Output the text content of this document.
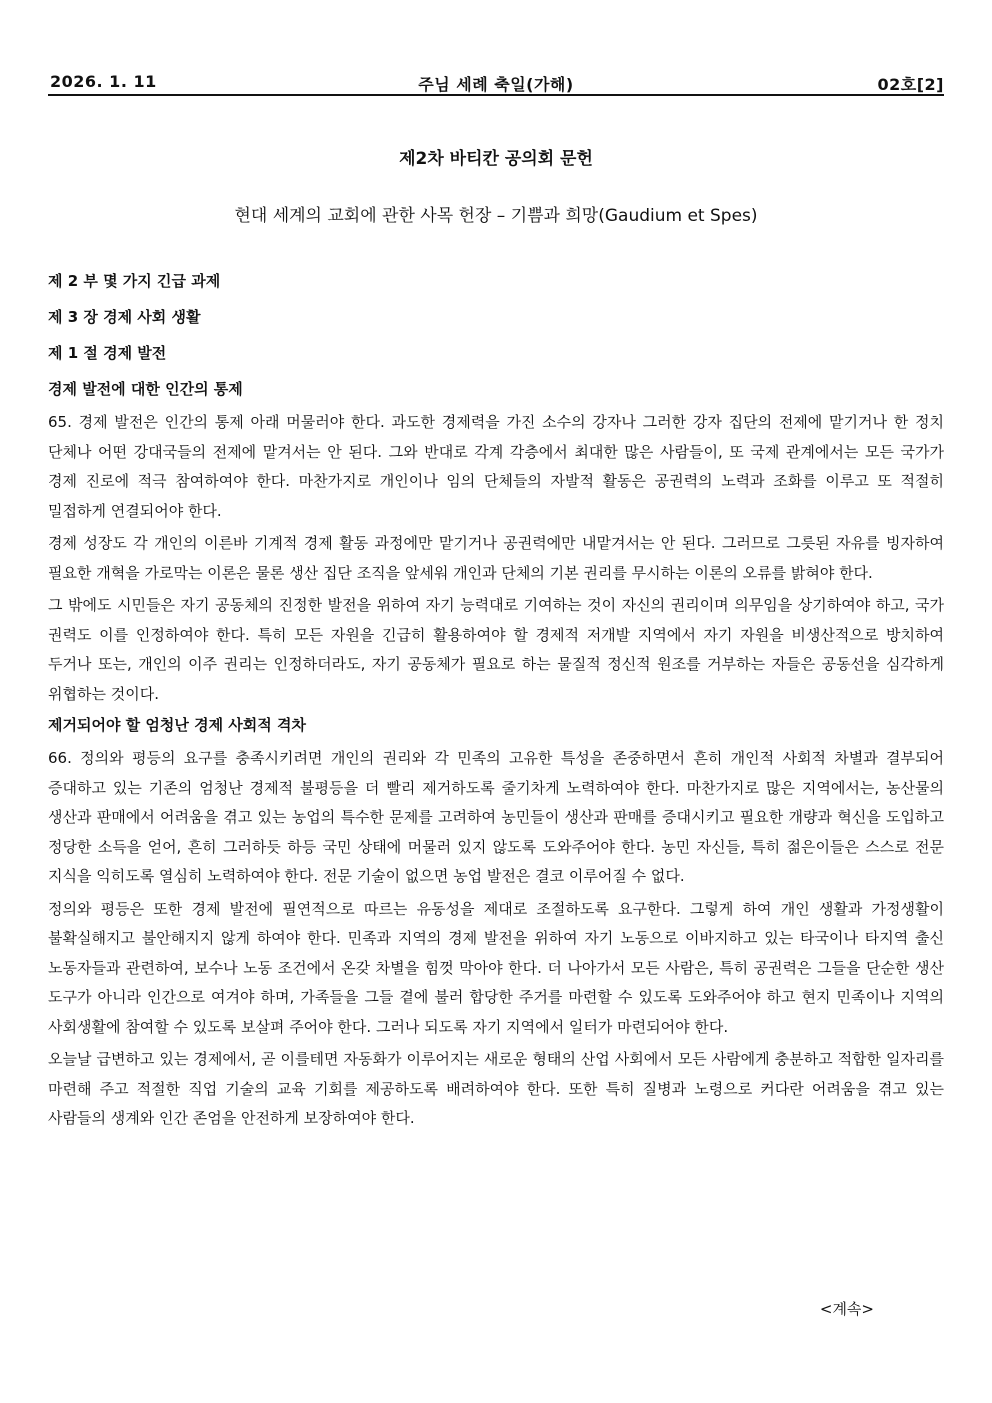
주님 세례 축일(가해)
2026. 1. 11	02호[2]
제2차 바티칸 공의회 문헌
현대 세계의 교회에 관한 사목 헌장 – 기쁨과 희망(Gaudium et Spes)
제 2 부 몇 가지 긴급 과제
제 3 장 경제 사회 생활
제 1 절 경제 발전
경제 발전에 대한 인간의 통제

65. 경제 발전은 인간의 통제 아래 머물러야 한다. 과도한 경제력을 가진 소수의 강자나 그러한 강자 집단의 전제에 맡기거나 한 정치 단체나 어떤 강대국들의 전제에 맡겨서는 안 된다. 그와 반대로 각계 각층에서 최대한 많은 사람들이, 또 국제 관계에서는 모든 국가가 경제 진로에 적극 참여하여야 한다. 마찬가지로 개인이나 임의 단체들의 자발적 활동은 공권력의 노력과 조화를 이루고 또 적절히 밀접하게 연결되어야 한다.

경제 성장도 각 개인의 이른바 기계적 경제 활동 과정에만 맡기거나 공권력에만 내맡겨서는 안 된다. 그러므로 그릇된 자유를 빙자하여 필요한 개혁을 가로막는 이론은 물론 생산 집단 조직을 앞세워 개인과 단체의 기본 권리를 무시하는 이론의 오류를 밝혀야 한다.

그 밖에도 시민들은 자기 공동체의 진정한 발전을 위하여 자기 능력대로 기여하는 것이 자신의 권리이며 의무임을 상기하여야 하고, 국가 권력도 이를 인정하여야 한다. 특히 모든 자원을 긴급히 활용하여야 할 경제적 저개발 지역에서 자기 자원을 비생산적으로 방치하여 두거나 또는, 개인의 이주 권리는 인정하더라도, 자기 공동체가 필요로 하는 물질적 정신적 원조를 거부하는 자들은 공동선을 심각하게 위협하는 것이다.

제거되어야 할 엄청난 경제 사회적 격차

66. 정의와 평등의 요구를 충족시키려면 개인의 권리와 각 민족의 고유한 특성을 존중하면서 흔히 개인적 사회적 차별과 결부되어 증대하고 있는 기존의 엄청난 경제적 불평등을 더 빨리 제거하도록 줄기차게 노력하여야 한다. 마찬가지로 많은 지역에서는, 농산물의 생산과 판매에서 어려움을 겪고 있는 농업의 특수한 문제를 고려하여 농민들이 생산과 판매를 증대시키고 필요한 개량과 혁신을 도입하고 정당한 소득을 얻어, 흔히 그러하듯 하등 국민 상태에 머물러 있지 않도록 도와주어야 한다. 농민 자신들, 특히 젊은이들은 스스로 전문 지식을 익히도록 열심히 노력하여야 한다. 전문 기술이 없으면 농업 발전은 결코 이루어질 수 없다.

정의와 평등은 또한 경제 발전에 필연적으로 따르는 유동성을 제대로 조절하도록 요구한다. 그렇게 하여 개인 생활과 가정생활이 불확실해지고 불안해지지 않게 하여야 한다. 민족과 지역의 경제 발전을 위하여 자기 노동으로 이바지하고 있는 타국이나 타지역 출신 노동자들과 관련하여, 보수나 노동 조건에서 온갖 차별을 힘껏 막아야 한다. 더 나아가서 모든 사람은, 특히 공권력은 그들을 단순한 생산 도구가 아니라 인간으로 여겨야 하며, 가족들을 그들 곁에 불러 합당한 주거를 마련할 수 있도록 도와주어야 하고 현지 민족이나 지역의 사회생활에 참여할 수 있도록 보살펴 주어야 한다. 그러나 되도록 자기 지역에서 일터가 마련되어야 한다.

오늘날 급변하고 있는 경제에서, 곧 이를테면 자동화가 이루어지는 새로운 형태의 산업 사회에서 모든 사람에게 충분하고 적합한 일자리를 마련해 주고 적절한 직업 기술의 교육 기회를 제공하도록 배려하여야 한다. 또한 특히 질병과 노령으로 커다란 어려움을 겪고 있는 사람들의 생계와 인간 존엄을 안전하게 보장하여야 한다.

<계속>
